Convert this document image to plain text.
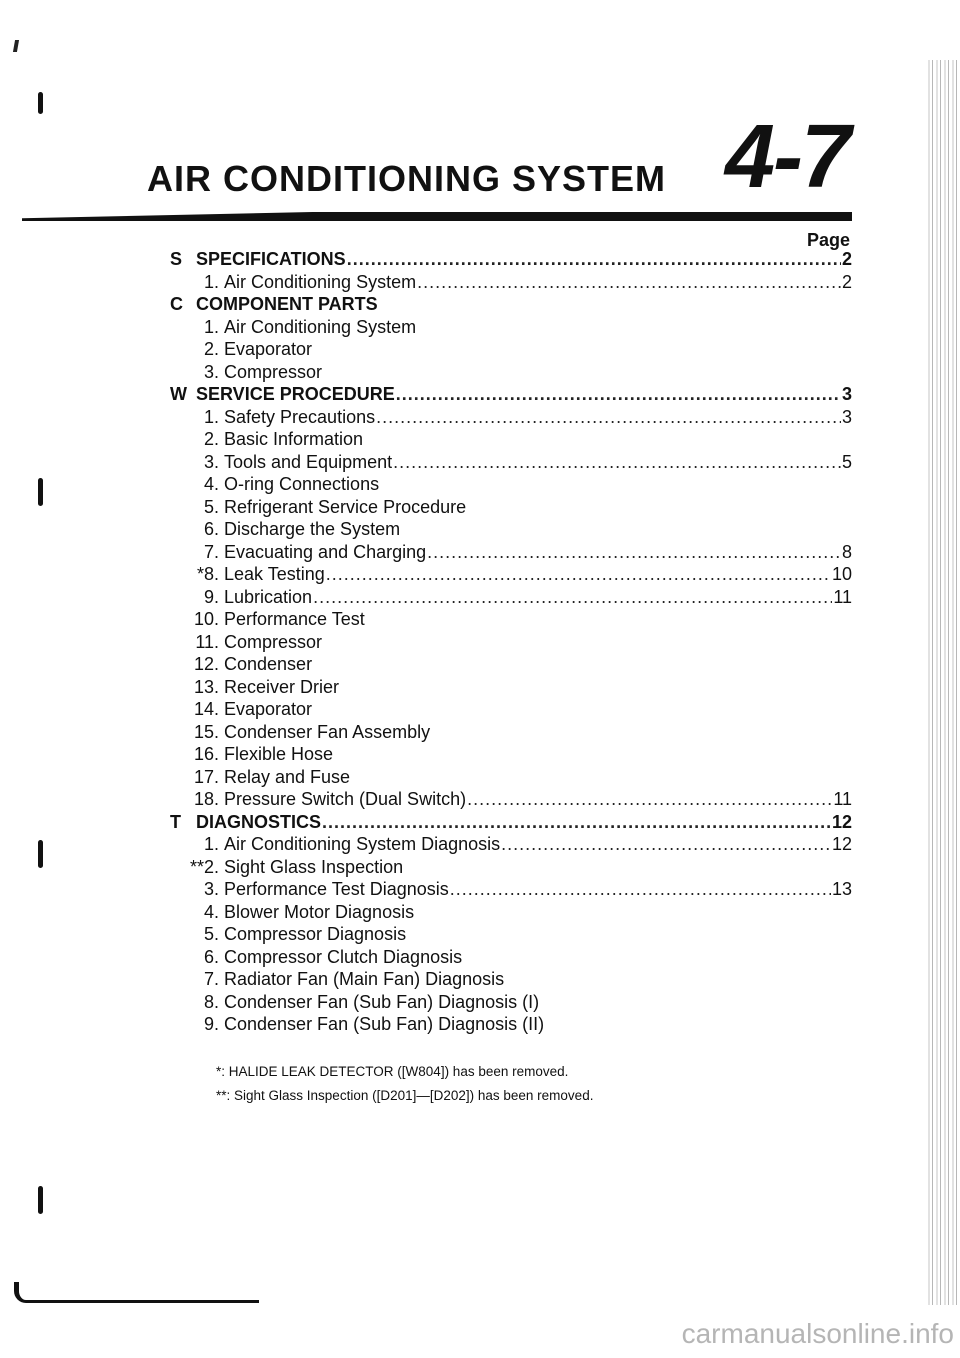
AIR CONDITIONING SYSTEM 4-7
Page
S SPECIFICATIONS .....	2
1. Air Conditioning System .....	2
C COMPONENT PARTS
1. Air Conditioning System
2. Evaporator
3. Compressor
W SERVICE PROCEDURE .....	3
1. Safety Precautions .....	3
2. Basic Information
3. Tools and Equipment .....	5
4. O-ring Connections
5. Refrigerant Service Procedure
6. Discharge the System
7. Evacuating and Charging .....	8
*8. Leak Testing .....	10
9. Lubrication .....	11
10. Performance Test
11. Compressor
12. Condenser
13. Receiver Drier
14. Evaporator
15. Condenser Fan Assembly
16. Flexible Hose
17. Relay and Fuse
18. Pressure Switch (Dual Switch) .....	11
T DIAGNOSTICS .....	12
1. Air Conditioning System Diagnosis .....	12
**2. Sight Glass Inspection
3. Performance Test Diagnosis .....	13
4. Blower Motor Diagnosis
5. Compressor Diagnosis
6. Compressor Clutch Diagnosis
7. Radiator Fan (Main Fan) Diagnosis
8. Condenser Fan (Sub Fan) Diagnosis (I)
9. Condenser Fan (Sub Fan) Diagnosis (II)
*: HALIDE LEAK DETECTOR ([W804]) has been removed.
**: Sight Glass Inspection ([D201]—[D202]) has been removed.
carmanualsonline.info
